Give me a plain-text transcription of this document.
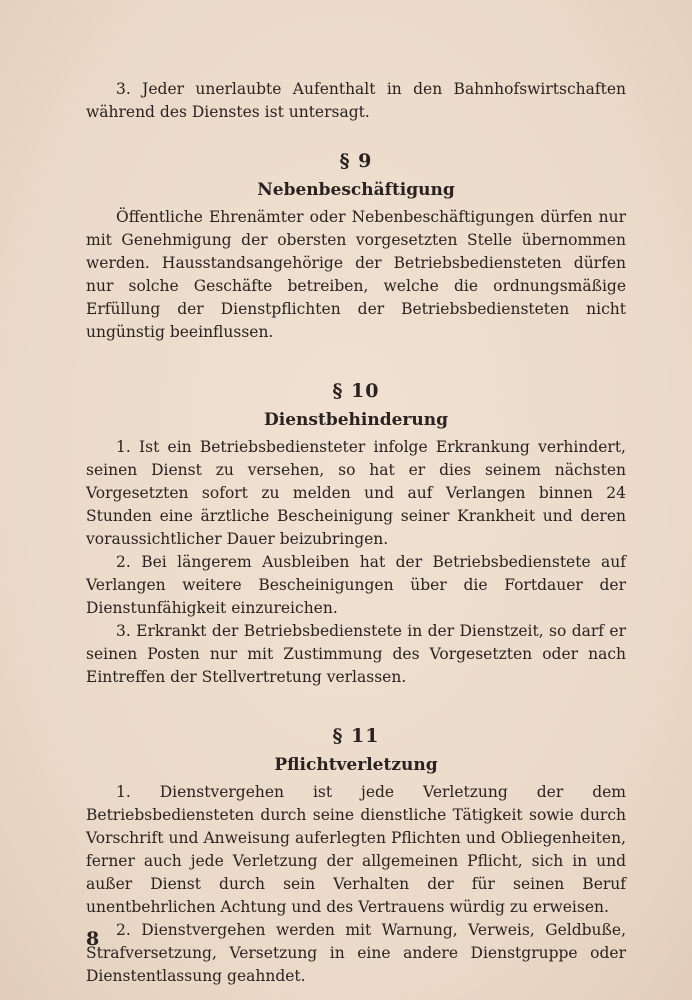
3. Jeder unerlaubte Aufenthalt in den Bahnhofswirtschaften während des Dienstes ist untersagt.

§ 9
Nebenbeschäftigung

Öffentliche Ehrenämter oder Nebenbeschäftigungen dürfen nur mit Genehmigung der obersten vorgesetzten Stelle übernommen werden. Hausstandsangehörige der Betriebsbediensteten dürfen nur solche Geschäfte betreiben, welche die ordnungsmäßige Erfüllung der Dienstpflichten der Betriebsbediensteten nicht ungünstig beeinflussen.

§ 10
Dienstbehinderung

1. Ist ein Betriebsbediensteter infolge Erkrankung verhindert, seinen Dienst zu versehen, so hat er dies seinem nächsten Vorgesetzten sofort zu melden und auf Verlangen binnen 24 Stunden eine ärztliche Bescheinigung seiner Krankheit und deren voraussichtlicher Dauer beizubringen.

2. Bei längerem Ausbleiben hat der Betriebsbedienstete auf Verlangen weitere Bescheinigungen über die Fortdauer der Dienstunfähigkeit einzureichen.

3. Erkrankt der Betriebsbedienstete in der Dienstzeit, so darf er seinen Posten nur mit Zustimmung des Vorgesetzten oder nach Eintreffen der Stellvertretung verlassen.

§ 11
Pflichtverletzung

1. Dienstvergehen ist jede Verletzung der dem Betriebsbediensteten durch seine dienstliche Tätigkeit sowie durch Vorschrift und Anweisung auferlegten Pflichten und Obliegenheiten, ferner auch jede Verletzung der allgemeinen Pflicht, sich in und außer Dienst durch sein Verhalten der für seinen Beruf unentbehrlichen Achtung und des Vertrauens würdig zu erweisen.

2. Dienstvergehen werden mit Warnung, Verweis, Geldbuße, Strafversetzung, Versetzung in eine andere Dienstgruppe oder Dienstentlassung geahndet.

8
